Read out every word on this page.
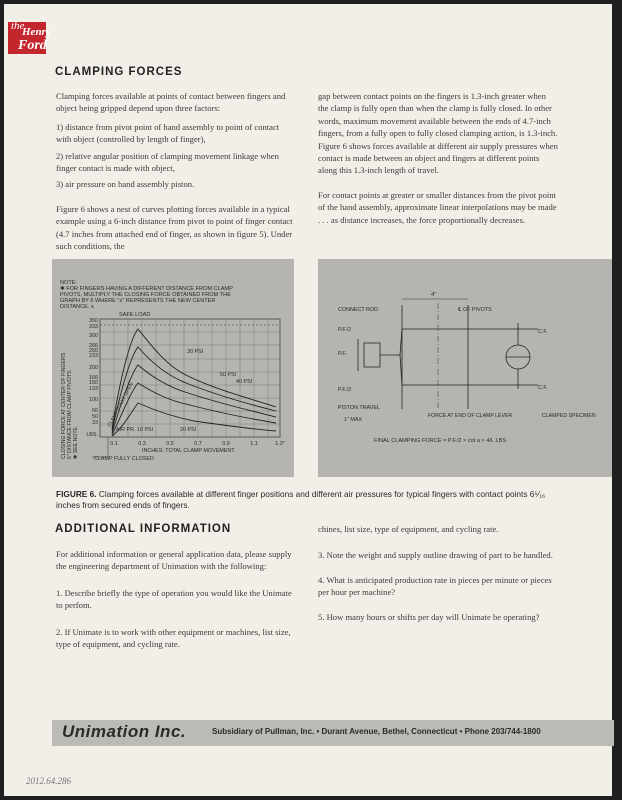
the
Henry
Ford
CLAMPING FORCES

Clamping forces available at points of contact between fingers and object being gripped depend upon three factors:

1) distance from pivot point of hand assembly to point of contact with object (controlled by length of finger),
2) relative angular position of clamping movement linkage when finger contact is made with object,
3) air pressure on hand assembly piston.

Figure 6 shows a nest of curves plotting forces available in a typical example using a 6-inch distance from pivot to point of finger contact (4.7 inches from attached end of finger, as shown in figure 5). Under such conditions, the

gap between contact points on the fingers is 1.3-inch greater when the clamp is fully open than when the clamp is fully closed. In other words, maximum movement available between the ends of 4.7-inch fingers, from a fully open to fully closed clamping action, is 1.3-inch. Figure 6 shows forces available at different air supply pressures when contact is made between an object and fingers at different points along this 1.3-inch length of travel.

For contact points at greater or smaller distances from the pivot point of the hand assembly, approximate linear interpolations may be made . . . as distance increases, the force proportionally decreases.

NOTE:
✱ FOR FINGERS HAVING A DIFFERENT DISTANCE FROM CLAMP
PIVOTS, MULTIPLY THE CLOSING FORCE OBTAINED FROM THE
GRAPH BY 6 WHERE "x" REPRESENTS THE NEW CENTER
DISTANCE. x
SAFE LOAD
CLOSING FORCE AT CENTER OF FINGERS 6" DISTANCE FROM CLAMP PIVOTS. ✱ SEE NOTE.
350
333
300
266
250
233
200
166
150
133
100
66
50
33
LBS.
30 PSI
50 PSI
40 PSI
AIR PR. 10 PSI	20 PSI
CLAMP FULLY OPEN
0.1	0.3	0.5	0.7	0.9	1.1	1.3"
INCHES: TOTAL CLAMP MOVEMENT.
CLAMP FULLY CLOSED
CONNECT ROD
P.F./2
P.F.
P.F./2
PISTON TRAVEL
1" MAX
4"
℄ OF PIVOTS
C.F.
C.F.
FORCE AT END OF CLAMP LEVER	CLAMPED SPECIMEN
FINAL CLAMPING FORCE = P.F./2 × cot a × 4/L LBS
FIGURE 6. Clamping forces available at different finger positions and different air pressures for typical fingers with contact points 6⁵⁄₁₆ inches from secured ends of fingers.
ADDITIONAL INFORMATION

For additional information or general application data, please supply the engineering department of Unimation with the following:

1. Describe briefly the type of operation you would like the Unimate to perfom.
2. If Unimate is to work with other equipment or machines, list size, type of equipment, and cycling rate.
chines, list size, type of equipment, and cycling rate.
3. Note the weight and supply outline drawing of part to be handled.
4. What is anticipated production rate in pieces per minute or pieces per hour per machine?
5. How many hours or shifts per day will Unimate be operating?
Unimation Inc.	Subsidiary of Pullman, Inc. • Durant Avenue, Bethel, Connecticut • Phone 203/744-1800
2012.64.286
